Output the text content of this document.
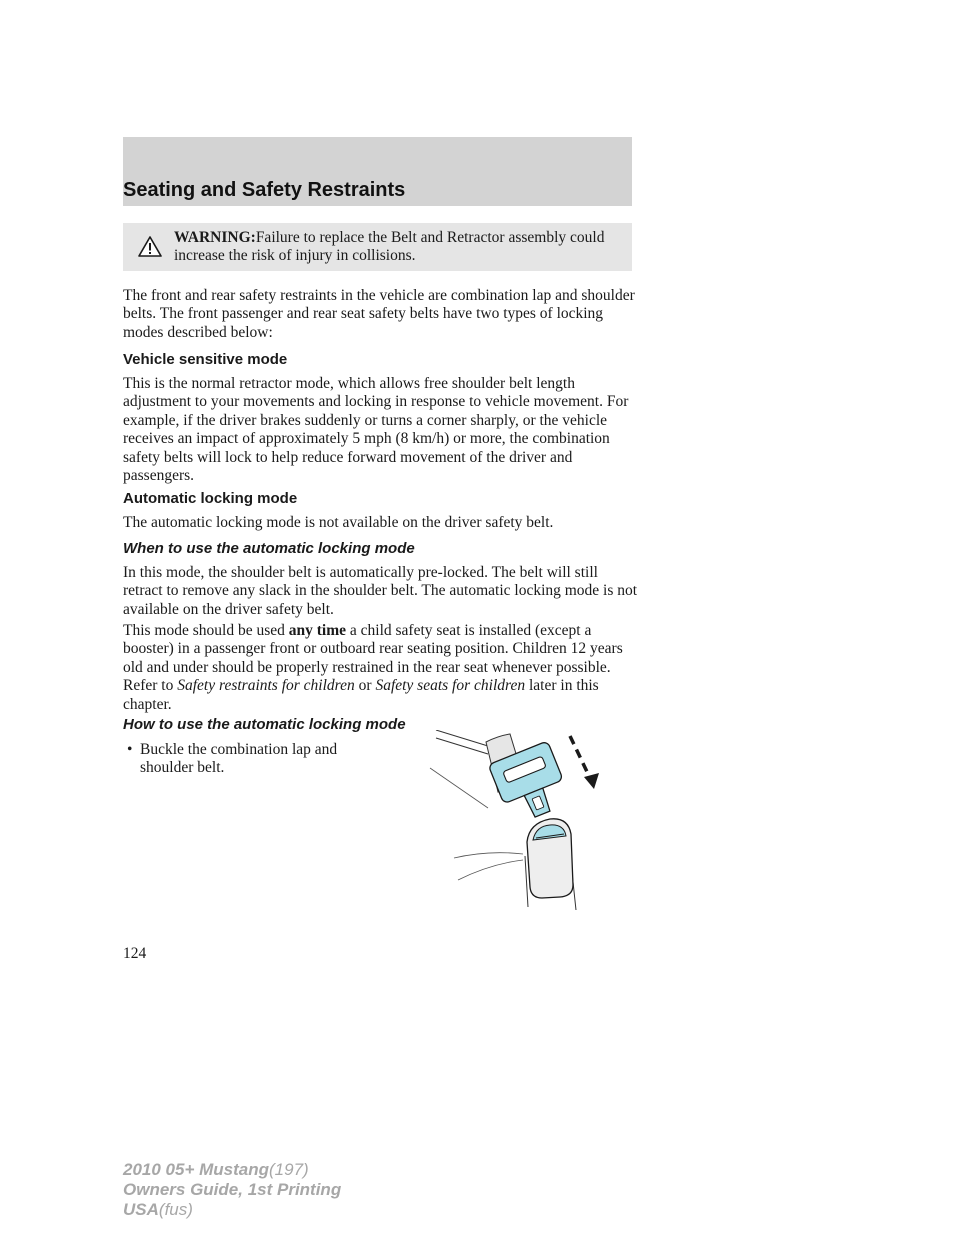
Seating and Safety Restraints

WARNING:Failure to replace the Belt and Retractor assembly could increase the risk of injury in collisions.

The front and rear safety restraints in the vehicle are combination lap and shoulder belts. The front passenger and rear seat safety belts have two types of locking modes described below:

Vehicle sensitive mode

This is the normal retractor mode, which allows free shoulder belt length adjustment to your movements and locking in response to vehicle movement. For example, if the driver brakes suddenly or turns a corner sharply, or the vehicle receives an impact of approximately 5 mph (8 km/h) or more, the combination safety belts will lock to help reduce forward movement of the driver and passengers.

Automatic locking mode

The automatic locking mode is not available on the driver safety belt.

When to use the automatic locking mode

In this mode, the shoulder belt is automatically pre-locked. The belt will still retract to remove any slack in the shoulder belt. The automatic locking mode is not available on the driver safety belt.

This mode should be used any time a child safety seat is installed (except a booster) in a passenger front or outboard rear seating position. Children 12 years old and under should be properly restrained in the rear seat whenever possible. Refer to Safety restraints for children or Safety seats for children later in this chapter.

How to use the automatic locking mode
• Buckle the combination lap and shoulder belt.

124

2010 05+ Mustang(197)
Owners Guide, 1st Printing
USA(fus)
